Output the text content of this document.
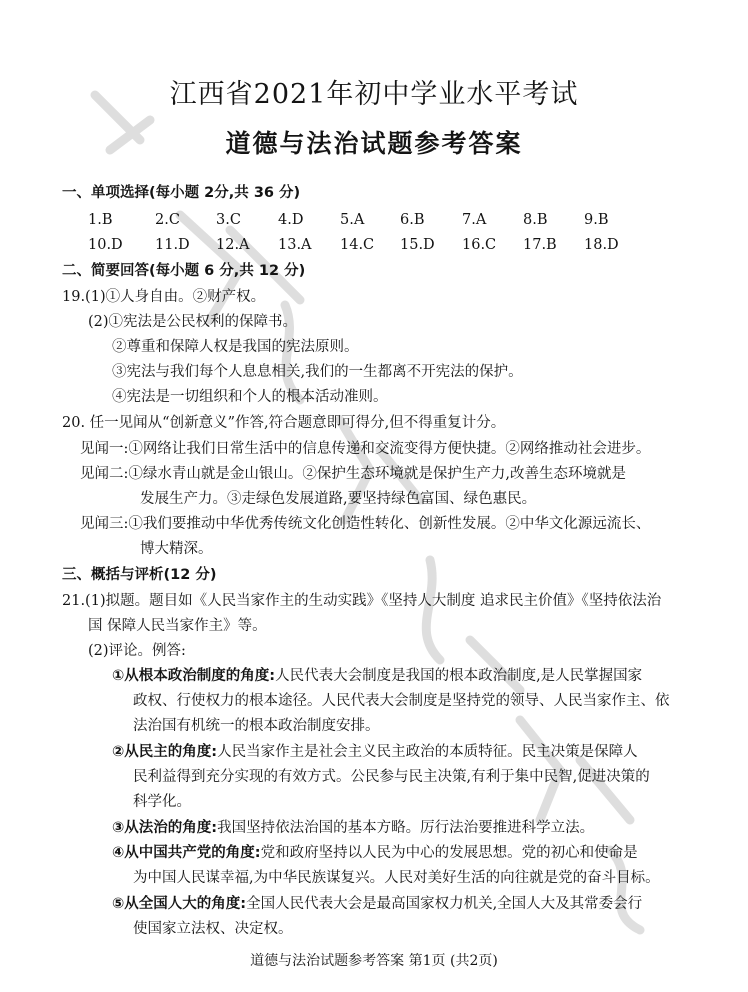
江西省2021年初中学业水平考试
道德与法治试题参考答案
一、单项选择(每小题 2分,共 36 分)
1.B	2.C 3.C	4.D	5.A 6.B	7.A	8.B	9.B
10.D 11.D 12.A 13.A 14.C 15.D 16.C 17.B 18.D
二、简要回答(每小题 6 分,共 12 分)
19.(1)①人身自由。②财产权。
(2)①宪法是公民权利的保障书。
②尊重和保障人权是我国的宪法原则。
③宪法与我们每个人息息相关,我们的一生都离不开宪法的保护。
④宪法是一切组织和个人的根本活动准则。
20. 任一见闻从“创新意义”作答,符合题意即可得分,但不得重复计分。
见闻一:①网络让我们日常生活中的信息传递和交流变得方便快捷。②网络推动社会进步。
见闻二:①绿水青山就是金山银山。②保护生态环境就是保护生产力,改善生态环境就是
发展生产力。③走绿色发展道路,要坚持绿色富国、绿色惠民。
见闻三:①我们要推动中华优秀传统文化创造性转化、创新性发展。②中华文化源远流长、
博大精深。
三、概括与评析(12 分)
21.(1)拟题。题目如《人民当家作主的生动实践》《坚持人大制度 追求民主价值》《坚持依法治
国 保障人民当家作主》等。
(2)评论。例答:
①从根本政治制度的角度:人民代表大会制度是我国的根本政治制度,是人民掌握国家
政权、行使权力的根本途径。人民代表大会制度是坚持党的领导、人民当家作主、依
法治国有机统一的根本政治制度安排。
②从民主的角度:人民当家作主是社会主义民主政治的本质特征。民主决策是保障人
民利益得到充分实现的有效方式。公民参与民主决策,有利于集中民智,促进决策的
科学化。
③从法治的角度:我国坚持依法治国的基本方略。厉行法治要推进科学立法。
④从中国共产党的角度:党和政府坚持以人民为中心的发展思想。党的初心和使命是
为中国人民谋幸福,为中华民族谋复兴。人民对美好生活的向往就是党的奋斗目标。
⑤从全国人大的角度:全国人民代表大会是最高国家权力机关,全国人大及其常委会行
使国家立法权、决定权。
道德与法治试题参考答案 第1页 (共2页)
